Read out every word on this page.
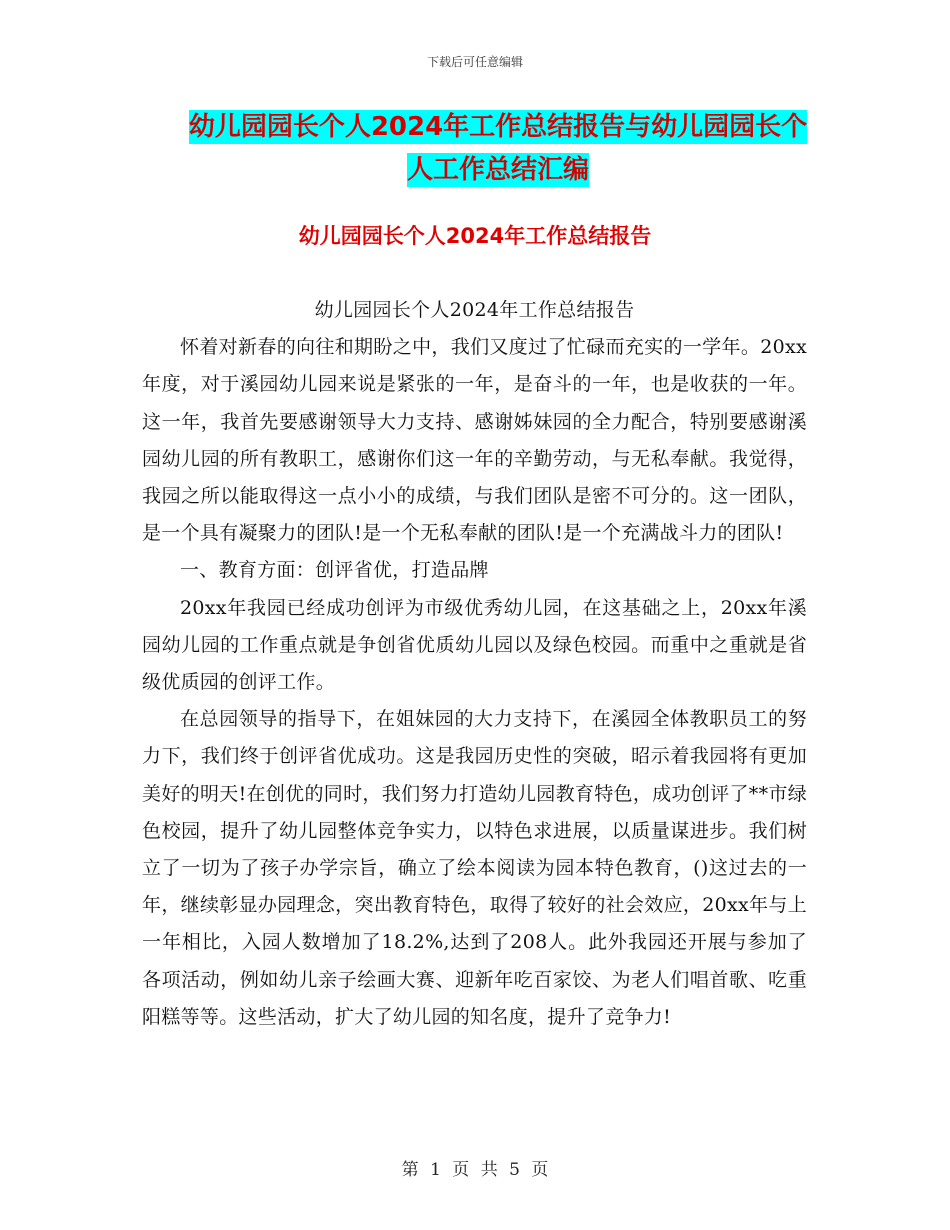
下载后可任意编辑
幼儿园园长个人2024年工作总结报告与幼儿园园长个
人工作总结汇编
幼儿园园长个人2024年工作总结报告

幼儿园园长个人2024年工作总结报告

怀着对新春的向往和期盼之中，我们又度过了忙碌而充实的一学年。20xx年度，对于溪园幼儿园来说是紧张的一年，是奋斗的一年，也是收获的一年。这一年，我首先要感谢领导大力支持、感谢姊妹园的全力配合，特别要感谢溪园幼儿园的所有教职工，感谢你们这一年的辛勤劳动，与无私奉献。我觉得，我园之所以能取得这一点小小的成绩，与我们团队是密不可分的。这一团队，是一个具有凝聚力的团队!是一个无私奉献的团队!是一个充满战斗力的团队!

一、教育方面：创评省优，打造品牌

20xx年我园已经成功创评为市级优秀幼儿园，在这基础之上，20xx年溪园幼儿园的工作重点就是争创省优质幼儿园以及绿色校园。而重中之重就是省级优质园的创评工作。

在总园领导的指导下，在姐妹园的大力支持下，在溪园全体教职员工的努力下，我们终于创评省优成功。这是我园历史性的突破，昭示着我园将有更加美好的明天!在创优的同时，我们努力打造幼儿园教育特色，成功创评了**市绿色校园，提升了幼儿园整体竞争实力，以特色求进展，以质量谋进步。我们树立了一切为了孩子办学宗旨，确立了绘本阅读为园本特色教育，()这过去的一年，继续彰显办园理念，突出教育特色，取得了较好的社会效应，20xx年与上一年相比，入园人数增加了18.2%,达到了208人。此外我园还开展与参加了各项活动，例如幼儿亲子绘画大赛、迎新年吃百家饺、为老人们唱首歌、吃重阳糕等等。这些活动，扩大了幼儿园的知名度，提升了竞争力!

第 1 页 共 5 页
